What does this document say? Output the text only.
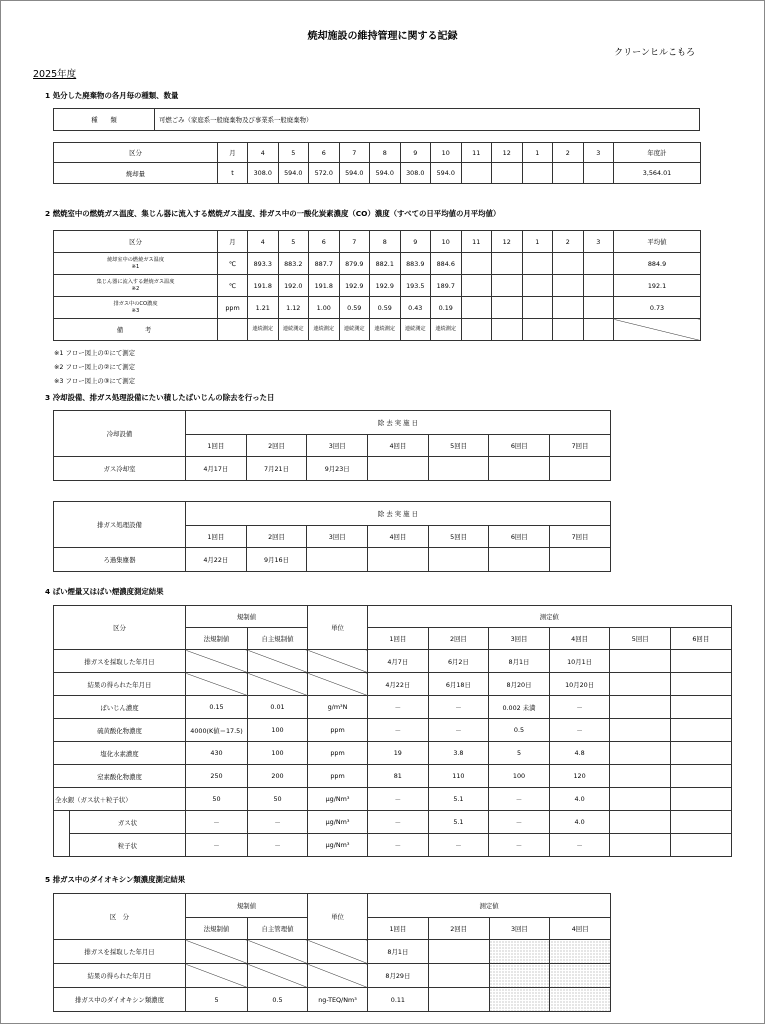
焼却施設の維持管理に関する記録
クリーンヒルこもろ
2025年度
1 処分した廃棄物の各月毎の種類、数量
種　　類	可燃ごみ（家庭系一般廃棄物及び事業系一般廃棄物）
区分	月	4	5	6	7	8	9	10	11	12	1	2	3	年度計
焼却量	t	308.0	594.0	572.0	594.0	594.0	308.0	594.0						3,564.01
2 燃焼室中の燃焼ガス温度、集じん器に流入する燃焼ガス温度、排ガス中の一酸化炭素濃度（CO）濃度（すべての日平均値の月平均値）
区分	月	4	5	6	7	8	9	10	11	12	1	2	3	平均値

焼却室中の燃焼ガス温度
※1	℃	893.3	883.2	887.7	879.9	882.1	883.9	884.6						884.9

集じん器に流入する燃焼ガス温度
※2	℃	191.8	192.0	191.8	192.9	192.9	193.5	189.7						192.1

排ガス中のCO濃度
※3	ppm	1.21	1.12	1.00	0.59	0.59	0.43	0.19						0.73
備　　考		連続測定	連続測定	連続測定	連続測定	連続測定	連続測定	連続測定						
※1 フロー図上の①にて測定
※2 フロー図上の②にて測定
※3 フロー図上の③にて測定
3 冷却設備、排ガス処理設備にたい積したばいじんの除去を行った日
冷却設備	除 去 実 施 日						
	1回目	2回目	3回目	4回目	5回目	6回目	7回目
ガス冷却室	4月17日	7月21日	9月23日				
排ガス処理設備	除 去 実 施 日						
	1回目	2回目	3回目	4回目	5回目	6回目	7回目
ろ過集塵器	4月22日	9月16日					
4 ばい煙量又はばい煙濃度測定結果
区分		規制値		単位	測定値					
		法規制値	自主規制値		1回目	2回目	3回目	4回目	5回目	6回目
排ガスを採取した年月日					4月7日	6月2日	8月1日	10月1日		
結果の得られた年月日					4月22日	6月18日	8月20日	10月20日		
ばいじん濃度		0.15	0.01	g/m³N	－	－	0.002 未満	－		
硫黄酸化物濃度		4000(K値＝17.5)	100	ppm	－	－	0.5	－		
塩化水素濃度		430	100	ppm	19	3.8	5	4.8		
窒素酸化物濃度		250	200	ppm	81	110	100	120		
全水銀（ガス状＋粒子状）		50	50	μg/Nm³	－	5.1	－	4.0		
	ガス状	－	－	μg/Nm³	－	5.1	－	4.0		
	粒子状	－	－	μg/Nm³	－	－	－	－		
5 排ガス中のダイオキシン類濃度測定結果
区　分	規制値		単位	測定値			
	法規制値	自主管理値		1回目	2回目	3回目	4回目
排ガスを採取した年月日				8月1日			
結果の得られた年月日				8月29日			
排ガス中のダイオキシン類濃度	5	0.5	ng-TEQ/Nm³	0.11			
